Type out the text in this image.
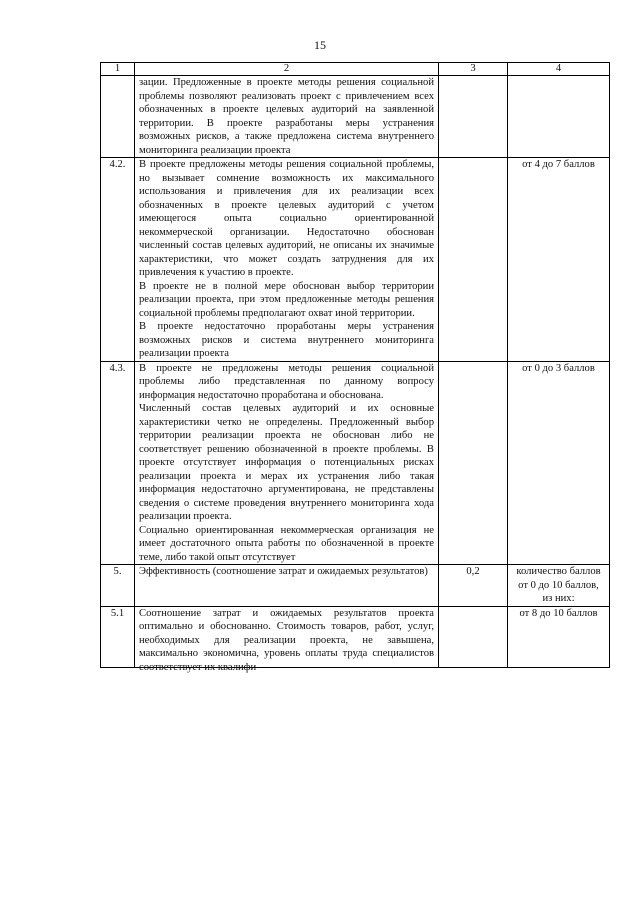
15
1	2	3	4

	зации. Предложенные в проекте методы решения социальной проблемы позволяют реализовать проект с привлечением всех обозначенных в проекте целевых аудиторий на заявленной территории. В проекте разработаны меры устранения возможных рисков, а также предложена система внутреннего мониторинга реализации проекта		

4.2.	В проекте предложены методы решения социальной проблемы, но вызывает сомнение возможность их максимального использования и привлечения для их реализации всех обозначенных в проекте целевых аудиторий с учетом имеющегося опыта социально ориентированной некоммерческой организации. Недостаточно обоснован численный состав целевых аудиторий, не описаны их значимые характеристики, что может создать затруднения для их привлечения к участию в проекте.
В проекте не в полной мере обоснован выбор территории реализации проекта, при этом предложенные методы решения социальной проблемы предполагают охват иной территории.
В проекте недостаточно проработаны меры устранения возможных рисков и система внутреннего мониторинга реализации проекта		от 4 до 7 баллов
4.3.	В проекте не предложены методы решения социальной проблемы либо представленная по данному вопросу информация недостаточно проработана и обоснована.
Численный состав целевых аудиторий и их основные характеристики четко не определены. Предложенный выбор территории реализации проекта не обоснован либо не соответствует решению обозначенной в проекте проблемы. В проекте отсутствует информация о потенциальных рисках реализации проекта и мерах их устранения либо такая информация недостаточно аргументирована, не представлены сведения о системе проведения внутреннего мониторинга хода реализации проекта.
Социально ориентированная некоммерческая организация не имеет достаточного опыта работы по обозначенной в проекте теме, либо такой опыт отсутствует		от 0 до 3 баллов
5.	Эффективность (соотношение затрат и ожидаемых результатов)	0,2	количество баллов от 0 до 10 баллов, из них:
5.1	Соотношение затрат и ожидаемых результатов проекта оптимально и обоснованно. Стоимость товаров, работ, услуг, необходимых для реализации проекта, не завышена, максимально экономична, уровень оплаты труда специалистов соответствует их квалифи-		от 8 до 10 баллов
